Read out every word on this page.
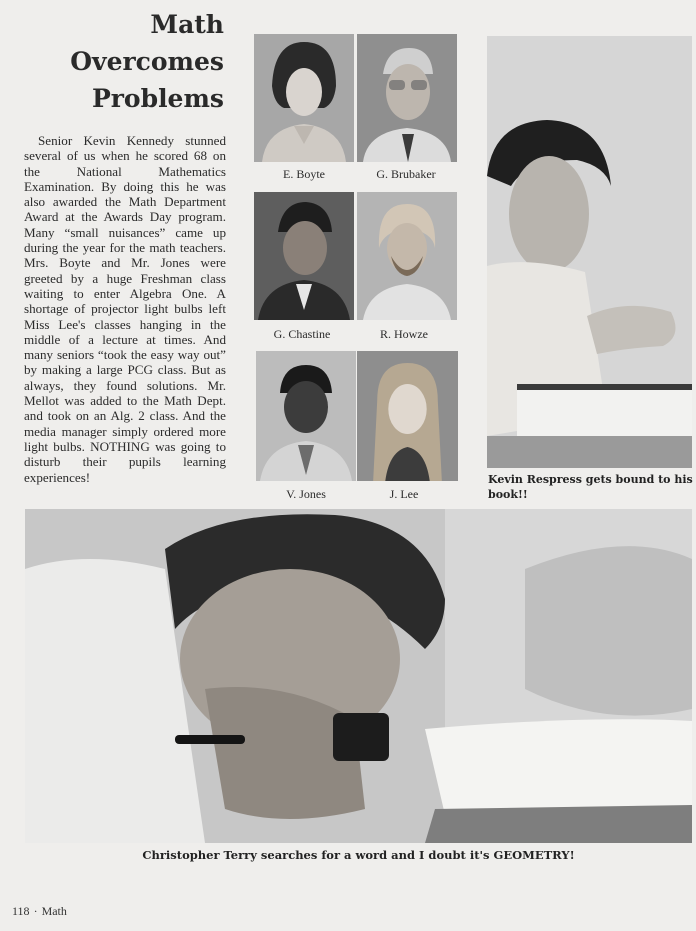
Math
Overcomes
Problems
Senior Kevin Kennedy stunned several of us when he scored 68 on the National Mathematics Examination. By doing this he was also awarded the Math Department Award at the Awards Day program. Many “small nuisances” came up during the year for the math teachers. Mrs. Boyte and Mr. Jones were greeted by a huge Freshman class waiting to enter Algebra One. A shortage of projector light bulbs left Miss Lee's classes hanging in the middle of a lecture at times. And many seniors “took the easy way out” by making a large PCG class. But as always, they found solutions. Mr. Mellot was added to the Math Dept. and took on an Alg. 2 class. And the media manager simply ordered more light bulbs. NOTHING was going to disturb their pupils learning experiences!
E. Boyte	G. Brubaker
G. Chastine	R. Howze
V. Jones	J. Lee
Kevin Respress gets bound to his book!!
Christopher Terry searches for a word and I doubt it's GEOMETRY!
118 · Math
